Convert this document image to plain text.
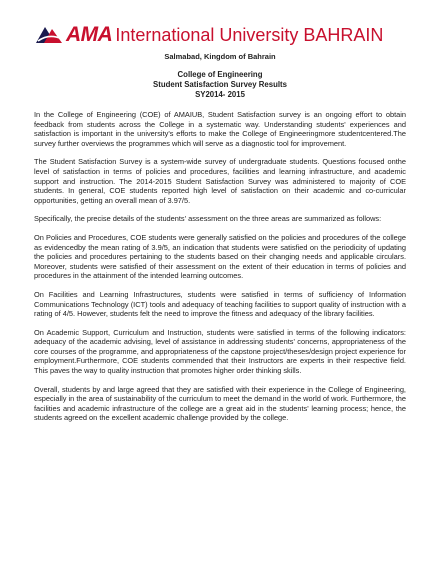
AMA International University BAHRAIN
Salmabad, Kingdom of Bahrain
College of Engineering
Student Satisfaction Survey Results
SY2014- 2015

In the College of Engineering (COE) of AMAIUB, Student Satisfaction survey is an ongoing effort to obtain feedback from students across the College in a systematic way. Understanding students' experiences and satisfaction is important in the university's efforts to make the College of Engineeringmore studentcentered.The survey further overviews the programmes which will serve as a diagnostic tool for improvement.

The Student Satisfaction Survey is a system-wide survey of undergraduate students. Questions focused onthe level of satisfaction in terms of policies and procedures, facilities and learning infrastructure, and academic support and instruction. The 2014-2015 Student Satisfaction Survey was administered to majority of COE students. In general, COE students reported high level of satisfaction on their academic and co-curricular opportunities, getting an overall mean of 3.97/5.

Specifically, the precise details of the students' assessment on the three areas are summarized as follows:

On Policies and Procedures, COE students were generally satisfied on the policies and procedures of the college as evidencedby the mean rating of 3.9/5, an indication that students were satisfied on the periodicity of updating the policies and procedures pertaining to the students based on their changing needs and applicable circulars. Moreover, students were satisfied of their assessment on the extent of their education in terms of policies and procedures in the attainment of the intended learning outcomes.

On Facilities and Learning Infrastructures, students were satisfied in terms of sufficiency of Information Communications Technology (ICT) tools and adequacy of teaching facilities to support quality of instruction with a rating of 4/5. However, students felt the need to improve the fitness and adequacy of the library facilities.

On Academic Support, Curriculum and Instruction, students were satisfied in terms of the following indicators: adequacy of the academic advising, level of assistance in addressing students' concerns, appropriateness of the core courses of the programme, and appropriateness of the capstone project/theses/design project experience for employment.Furthermore, COE students commended that their Instructors are experts in their respective field. This paves the way to quality instruction that promotes higher order thinking skills.

Overall, students by and large agreed that they are satisfied with their experience in the College of Engineering, especially in the area of sustainability of the curriculum to meet the demand in the world of work. Furthermore, the facilities and academic infrastructure of the college are a great aid in the students' learning process; hence, the students agreed on the excellent academic challenge provided by the college.
